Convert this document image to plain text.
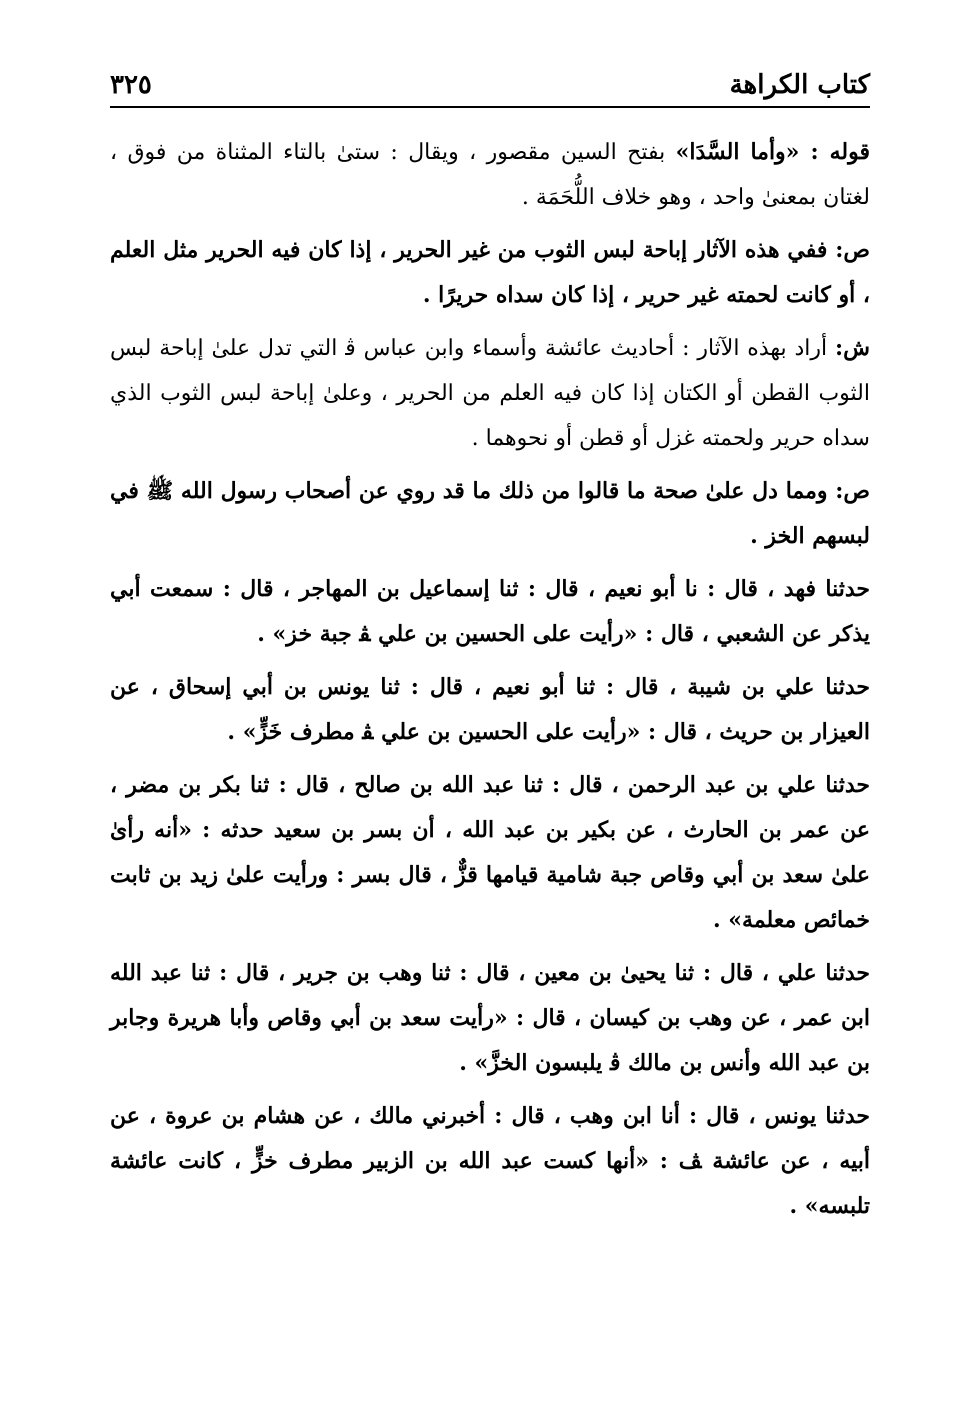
كتاب الكراهة
٣٢٥

قوله : «وأما السَّدَا» بفتح السين مقصور ، ويقال : ستىٰ بالتاء المثناة من فوق ، لغتان بمعنىٰ واحد ، وهو خلاف اللُّحَمَة .

ص: ففي هذه الآثار إباحة لبس الثوب من غير الحرير ، إذا كان فيه الحرير مثل العلم ، أو كانت لحمته غير حرير ، إذا كان سداه حريرًا .

ش: أراد بهذه الآثار : أحاديث عائشة وأسماء وابن عباس ﭬ التي تدل علىٰ إباحة لبس الثوب القطن أو الكتان إذا كان فيه العلم من الحرير ، وعلىٰ إباحة لبس الثوب الذي سداه حرير ولحمته غزل أو قطن أو نحوهما .

ص: ومما دل علىٰ صحة ما قالوا من ذلك ما قد روي عن أصحاب رسول الله ﷺ في لبسهم الخز .

حدثنا فهد ، قال : نا أبو نعيم ، قال : ثنا إسماعيل بن المهاجر ، قال : سمعت أبي يذكر عن الشعبي ، قال : «رأيت على الحسين بن علي ﭭ جبة خز» .

حدثنا علي بن شيبة ، قال : ثنا أبو نعيم ، قال : ثنا يونس بن أبي إسحاق ، عن العيزار بن حريث ، قال : «رأيت على الحسين بن علي ﭭ مطرف خَزٍّ» .

حدثنا علي بن عبد الرحمن ، قال : ثنا عبد الله بن صالح ، قال : ثنا بكر بن مضر ، عن عمر بن الحارث ، عن بكير بن عبد الله ، أن بسر بن سعيد حدثه : «أنه رأىٰ علىٰ سعد بن أبي وقاص جبة شامية قيامها قزٌّ ، قال بسر : ورأيت علىٰ زيد بن ثابت خمائص معلمة» .

حدثنا علي ، قال : ثنا يحيىٰ بن معين ، قال : ثنا وهب بن جرير ، قال : ثنا عبد الله ابن عمر ، عن وهب بن كيسان ، قال : «رأيت سعد بن أبي وقاص وأبا هريرة وجابر بن عبد الله وأنس بن مالك ﭬ يلبسون الخزَّ» .

حدثنا يونس ، قال : أنا ابن وهب ، قال : أخبرني مالك ، عن هشام بن عروة ، عن أبيه ، عن عائشة ﭫ : «أنها كست عبد الله بن الزبير مطرف خزٍّ ، كانت عائشة تلبسه» .
